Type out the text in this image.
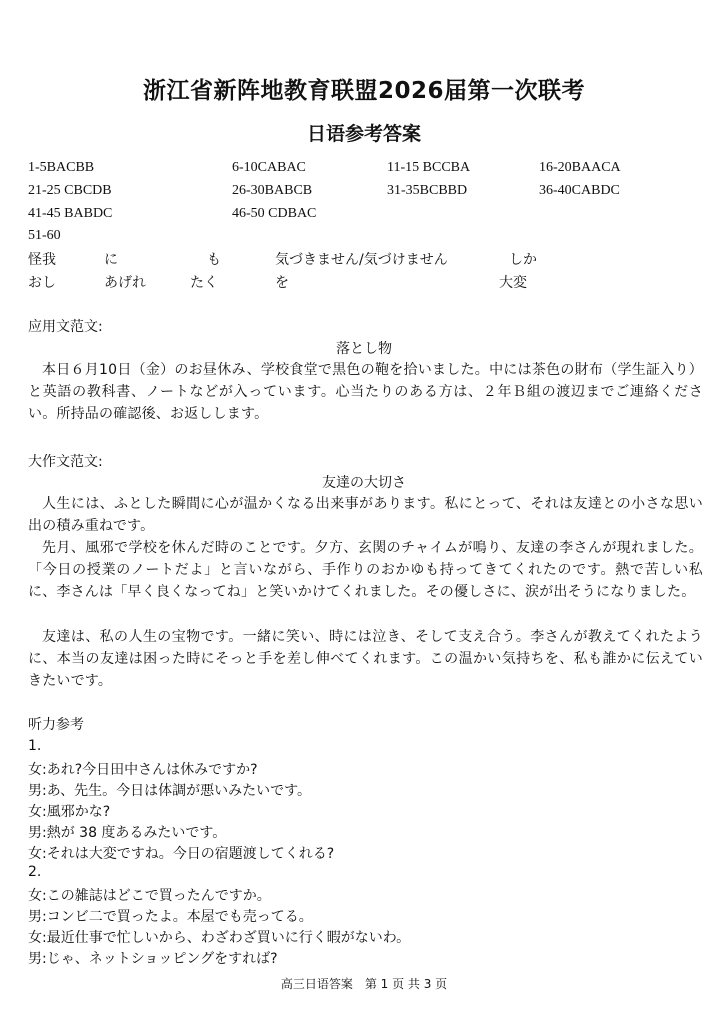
浙江省新阵地教育联盟2026届第一次联考
日语参考答案
1-5BACBB	6-10CABAC	11-15 BCCBA	16-20BAACA
21-25 CBCDB	26-30BABCB	31-35BCBBD	36-40CABDC
41-45 BABDC	46-50 CDBAC
51-60
怪我	に	も	気づきません/気づけません	しか
おし	あげれ	たく	を	大変
应用文范文:
落とし物
本日６月10日（金）のお昼休み、学校食堂で黒色の鞄を拾いました。中には茶色の財布（学生証入り）と英語の教科書、ノートなどが入っています。心当たりのある方は、２年Ｂ組の渡辺までご連絡ください。所持品の確認後、お返しします。
大作文范文:
友達の大切さ
人生には、ふとした瞬間に心が温かくなる出来事があります。私にとって、それは友達との小さな思い出の積み重ねです。
先月、風邪で学校を休んだ時のことです。夕方、玄関のチャイムが鳴り、友達の李さんが現れました。「今日の授業のノートだよ」と言いながら、手作りのおかゆも持ってきてくれたのです。熱で苦しい私に、李さんは「早く良くなってね」と笑いかけてくれました。その優しさに、涙が出そうになりました。
友達は、私の人生の宝物です。一緒に笑い、時には泣き、そして支え合う。李さんが教えてくれたように、本当の友達は困った時にそっと手を差し伸べてくれます。この温かい気持ちを、私も誰かに伝えていきたいです。
听力参考
1.
女:あれ?今日田中さんは休みですか?
男:あ、先生。今日は体調が悪いみたいです。
女:風邪かな?
男:熱が 38 度あるみたいです。
女:それは大変ですね。今日の宿題渡してくれる?
2.
女:この雑誌はどこで買ったんですか。
男:コンビ二で買ったよ。本屋でも売ってる。
女:最近仕事で忙しいから、わざわざ買いに行く暇がないわ。
男:じゃ、ネットショッピングをすれば?
高三日语答案　第 1 页 共 3 页
